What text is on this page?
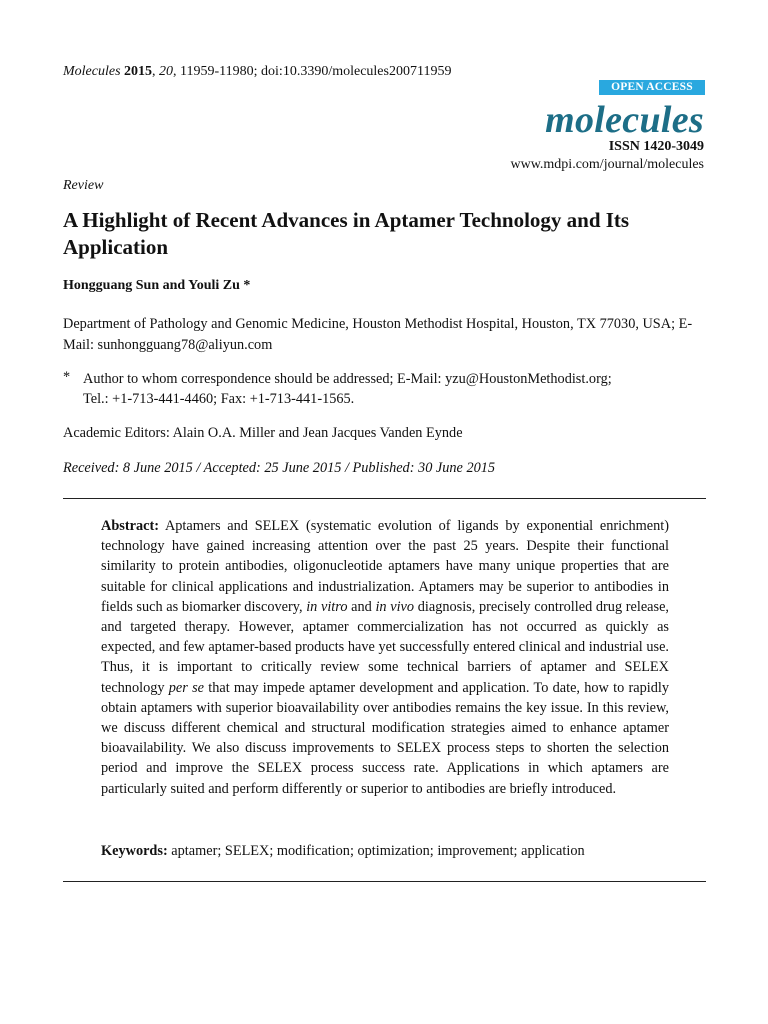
Molecules 2015, 20, 11959-11980; doi:10.3390/molecules200711959
OPEN ACCESS
molecules
ISSN 1420-3049
www.mdpi.com/journal/molecules
Review
A Highlight of Recent Advances in Aptamer Technology and Its Application
Hongguang Sun and Youli Zu *
Department of Pathology and Genomic Medicine, Houston Methodist Hospital, Houston, TX 77030, USA; E-Mail: sunhongguang78@aliyun.com
* Author to whom correspondence should be addressed; E-Mail: yzu@HoustonMethodist.org;
Tel.: +1-713-441-4460; Fax: +1-713-441-1565.
Academic Editors: Alain O.A. Miller and Jean Jacques Vanden Eynde
Received: 8 June 2015 / Accepted: 25 June 2015 / Published: 30 June 2015

Abstract: Aptamers and SELEX (systematic evolution of ligands by exponential enrichment) technology have gained increasing attention over the past 25 years. Despite their functional similarity to protein antibodies, oligonucleotide aptamers have many unique properties that are suitable for clinical applications and industrialization. Aptamers may be superior to antibodies in fields such as biomarker discovery, in vitro and in vivo diagnosis, precisely controlled drug release, and targeted therapy. However, aptamer commercialization has not occurred as quickly as expected, and few aptamer-based products have yet successfully entered clinical and industrial use. Thus, it is important to critically review some technical barriers of aptamer and SELEX technology per se that may impede aptamer development and application. To date, how to rapidly obtain aptamers with superior bioavailability over antibodies remains the key issue. In this review, we discuss different chemical and structural modification strategies aimed to enhance aptamer bioavailability. We also discuss improvements to SELEX process steps to shorten the selection period and improve the SELEX process success rate. Applications in which aptamers are particularly suited and perform differently or superior to antibodies are briefly introduced.

Keywords: aptamer; SELEX; modification; optimization; improvement; application
